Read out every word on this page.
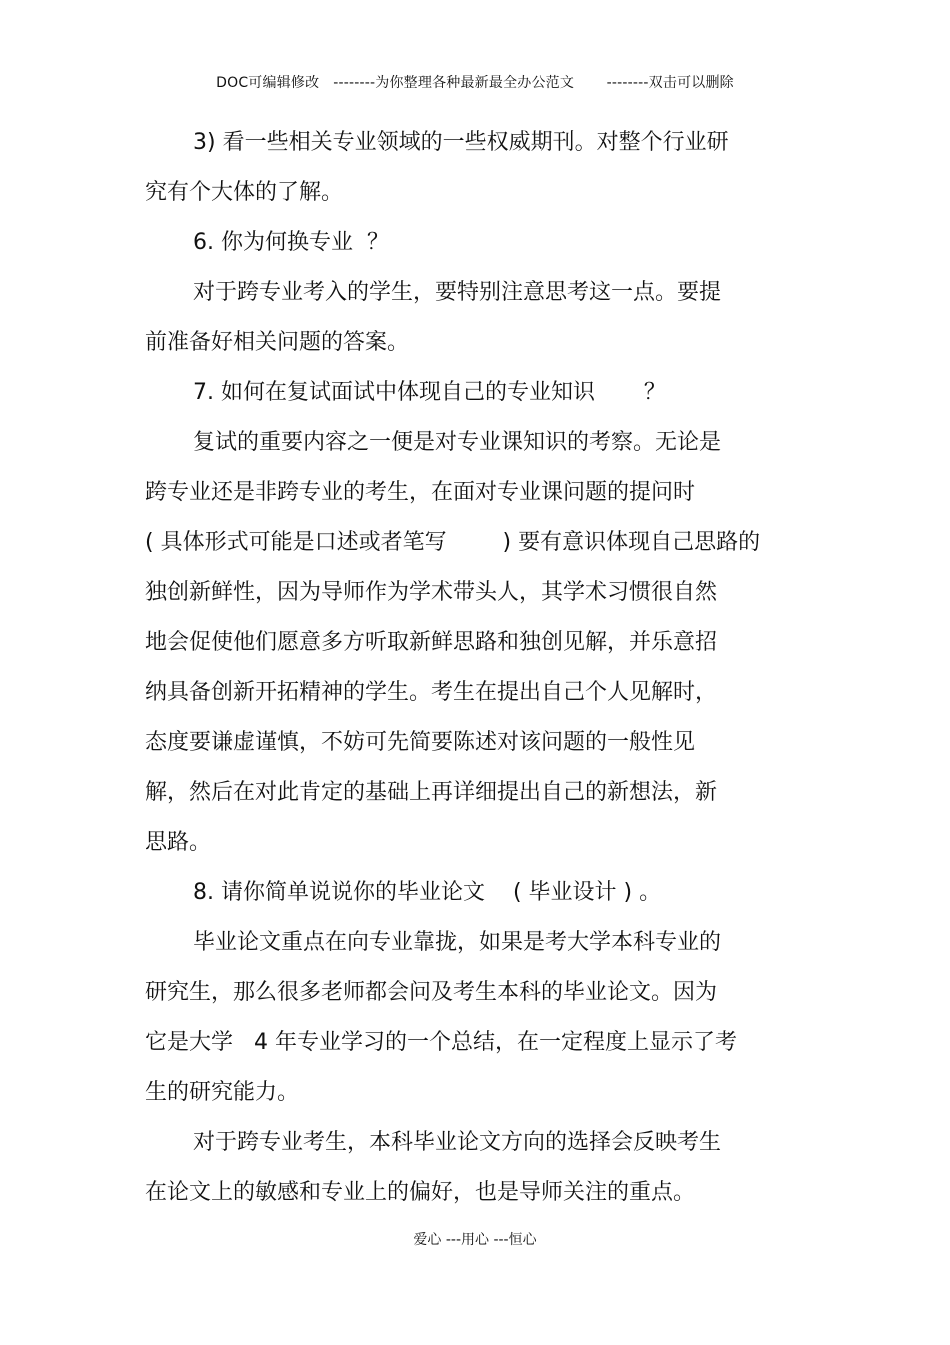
DOC可编辑修改 --------为你整理各种最新最全办公范文 --------双击可以删除
3) 看一些相关专业领域的一些权威期刊。对整个行业研
究有个大体的了解。
6. 你为何换专业  ？
对于跨专业考入的学生，要特别注意思考这一点。要提
前准备好相关问题的答案。
7. 如何在复试面试中体现自己的专业知识       ？
复试的重要内容之一便是对专业课知识的考察。无论是
跨专业还是非跨专业的考生，在面对专业课问题的提问时
( 具体形式可能是口述或者笔写        ) 要有意识体现自己思路的
独创新鲜性，因为导师作为学术带头人，其学术习惯很自然
地会促使他们愿意多方听取新鲜思路和独创见解，并乐意招
纳具备创新开拓精神的学生。考生在提出自己个人见解时，
态度要谦虚谨慎，不妨可先简要陈述对该问题的一般性见
解，然后在对此肯定的基础上再详细提出自己的新想法，新
思路。
8. 请你简单说说你的毕业论文    ( 毕业设计 ) 。
毕业论文重点在向专业靠拢，如果是考大学本科专业的
研究生，那么很多老师都会问及考生本科的毕业论文。因为
它是大学   4 年专业学习的一个总结，在一定程度上显示了考
生的研究能力。
对于跨专业考生，本科毕业论文方向的选择会反映考生
在论文上的敏感和专业上的偏好，也是导师关注的重点。
爱心 ---用心 ---恒心
